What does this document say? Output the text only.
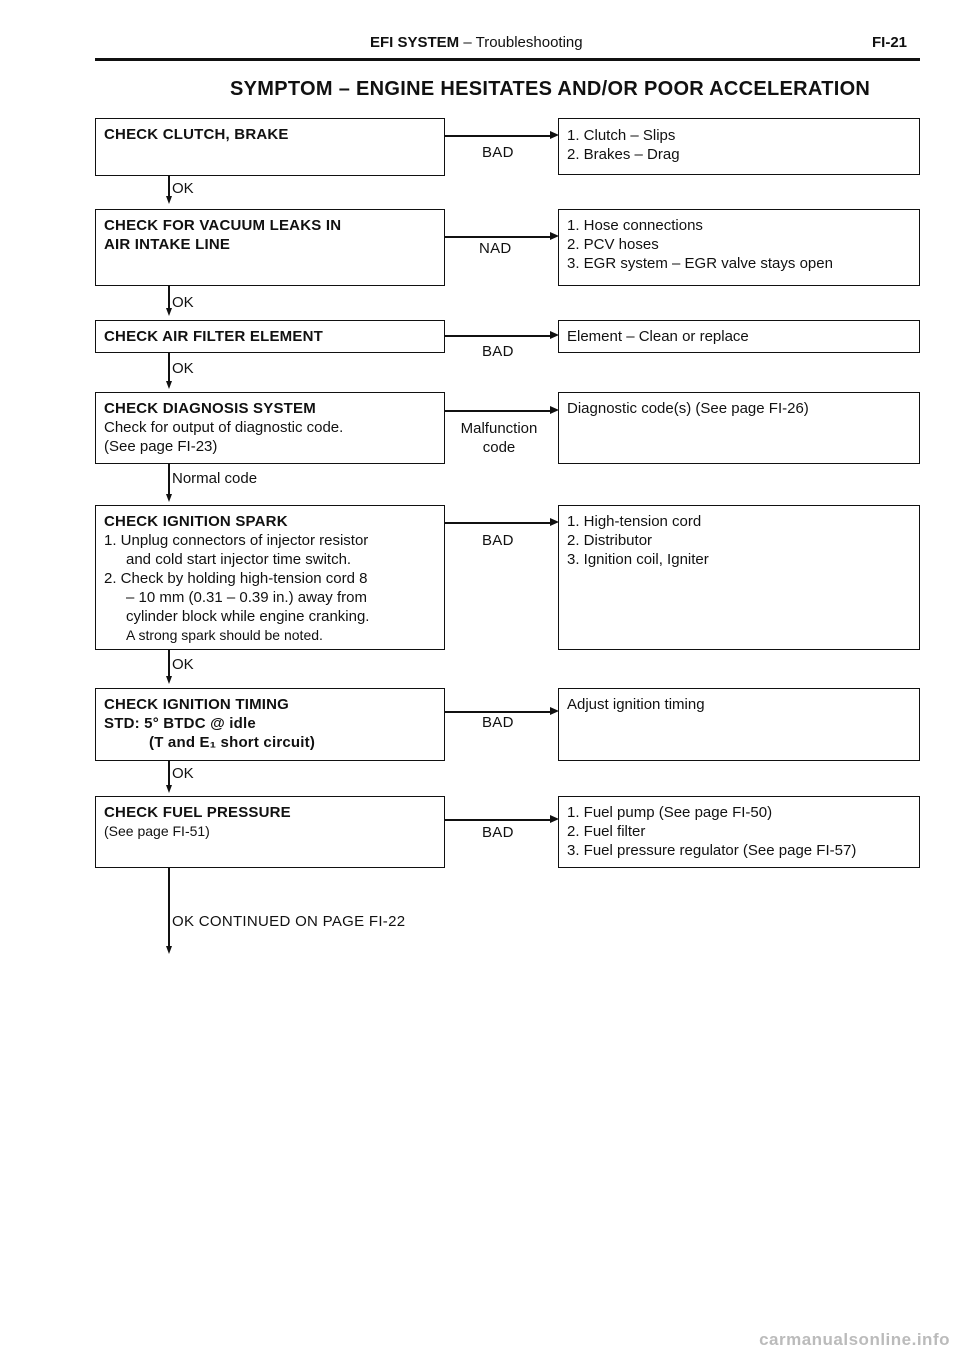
EFI SYSTEM – Troubleshooting	FI-21
SYMPTOM – ENGINE HESITATES AND/OR POOR ACCELERATION
CHECK CLUTCH, BRAKE
BAD
1. Clutch – Slips
2. Brakes – Drag
OK
CHECK FOR VACUUM LEAKS IN
AIR INTAKE LINE	NAD
1. Hose connections
2. PCV hoses
3. EGR system – EGR valve stays open
OK
CHECK AIR FILTER ELEMENT
BAD
Element – Clean or replace
OK
CHECK DIAGNOSIS SYSTEM
Check for output of diagnostic code.
(See page FI-23)
Malfunction
code
Diagnostic code(s) (See page FI-26)
Normal code
CHECK IGNITION SPARK
1. Unplug connectors of injector resistor
and cold start injector time switch.
2. Check by holding high-tension cord 8
– 10 mm (0.31 – 0.39 in.) away from
cylinder block while engine cranking.
A strong spark should be noted.
BAD
1. High-tension cord
2. Distributor
3. Ignition coil, Igniter
OK
CHECK IGNITION TIMING
STD: 5° BTDC @ idle
(T and E₁ short circuit)
BAD
Adjust ignition timing
OK
CHECK FUEL PRESSURE
(See page FI-51)	BAD
1. Fuel pump (See page FI-50)
2. Fuel filter
3. Fuel pressure regulator (See page FI-57)
OK CONTINUED ON PAGE FI-22
carmanualsonline.info
